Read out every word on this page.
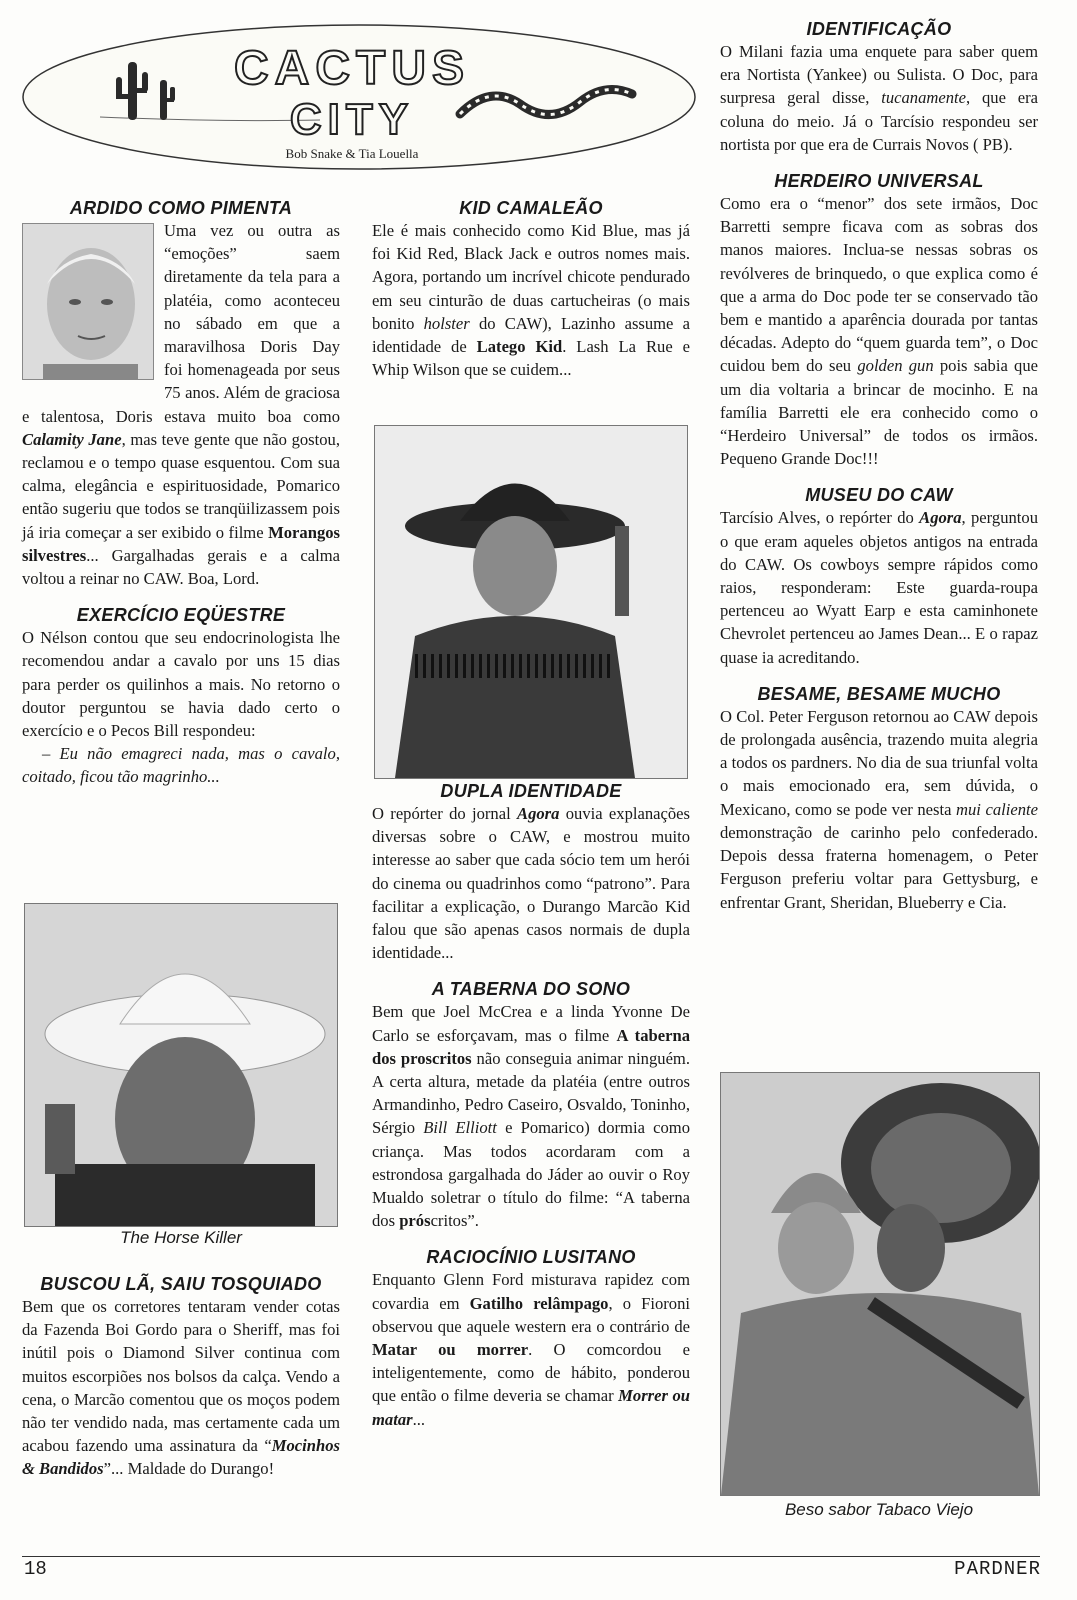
CACTUS
CITY
Bob Snake & Tia Louella
ARDIDO COMO PIMENTA

Uma vez ou outra as “emoções” saem diretamente da tela para a platéia, como aconteceu no sábado em que a maravilhosa Doris Day foi homenageada por seus 75 anos. Além de graciosa e talentosa, Doris estava muito boa como Calamity Jane, mas teve gente que não gostou, reclamou e o tempo quase esquentou. Com sua calma, elegância e espirituosidade, Pomarico então sugeriu que todos se tranqüilizassem pois já iria começar a ser exibido o filme Morangos silvestres... Gargalhadas gerais e a calma voltou a reinar no CAW. Boa, Lord.

EXERCÍCIO EQÜESTRE

O Nélson contou que seu endocrinologista lhe recomendou andar a cavalo por uns 15 dias para perder os quilinhos a mais. No retorno o doutor perguntou se havia dado certo o exercício e o Pecos Bill respondeu:

– Eu não emagreci nada, mas o cavalo, coitado, ficou tão magrinho...

The Horse Killer

BUSCOU LÃ, SAIU TOSQUIADO

Bem que os corretores tentaram vender cotas da Fazenda Boi Gordo para o Sheriff, mas foi inútil pois o Diamond Silver continua com muitos escorpiões nos bolsos da calça. Vendo a cena, o Marcão comentou que os moços podem não ter vendido nada, mas certamente cada um acabou fazendo uma assinatura da “Mocinhos & Bandidos”... Maldade do Durango!

KID CAMALEÃO

Ele é mais conhecido como Kid Blue, mas já foi Kid Red, Black Jack e outros nomes mais. Agora, portando um incrível chicote pendurado em seu cinturão de duas cartucheiras (o mais bonito holster do CAW), Lazinho assume a identidade de Latego Kid. Lash La Rue e Whip Wilson que se cuidem...

DUPLA IDENTIDADE

O repórter do jornal Agora ouvia explanações diversas sobre o CAW, e mostrou muito interesse ao saber que cada sócio tem um herói do cinema ou quadrinhos como “patrono”. Para facilitar a explicação, o Durango Marcão Kid falou que são apenas casos normais de dupla identidade...

A TABERNA DO SONO

Bem que Joel McCrea e a linda Yvonne De Carlo se esforçavam, mas o filme A taberna dos proscritos não conseguia animar ninguém. A certa altura, metade da platéia (entre outros Armandinho, Pedro Caseiro, Osvaldo, Toninho, Sérgio Bill Elliott e Pomarico) dormia como criança. Mas todos acordaram com a estrondosa gargalhada do Jáder ao ouvir o Roy Mualdo soletrar o título do filme: “A taberna dos próscritos”.

RACIOCÍNIO LUSITANO

Enquanto Glenn Ford misturava rapidez com covardia em Gatilho relâmpago, o Fioroni observou que aquele western era o contrário de Matar ou morrer. O comcordou e inteligentemente, como de hábito, ponderou que então o filme deveria se chamar Morrer ou matar...

IDENTIFICAÇÃO

O Milani fazia uma enquete para saber quem era Nortista (Yankee) ou Sulista. O Doc, para surpresa geral disse, tucanamente, que era coluna do meio. Já o Tarcísio respondeu ser nortista por que era de Currais Novos ( PB).

HERDEIRO UNIVERSAL

Como era o “menor” dos sete irmãos, Doc Barretti sempre ficava com as sobras dos manos maiores. Inclua-se nessas sobras os revólveres de brinquedo, o que explica como é que a arma do Doc pode ter se conservado tão bem e mantido a aparência dourada por tantas décadas. Adepto do “quem guarda tem”, o Doc cuidou bem do seu golden gun pois sabia que um dia voltaria a brincar de mocinho. E na família Barretti ele era conhecido como o “Herdeiro Universal” de todos os irmãos. Pequeno Grande Doc!!!

MUSEU DO CAW

Tarcísio Alves, o repórter do Agora, perguntou o que eram aqueles objetos antigos na entrada do CAW. Os cowboys sempre rápidos como raios, responderam: Este guarda-roupa pertenceu ao Wyatt Earp e esta caminhonete Chevrolet pertenceu ao James Dean... E o rapaz quase ia acreditando.

BESAME, BESAME MUCHO

O Col. Peter Ferguson retornou ao CAW depois de prolongada ausência, trazendo muita alegria a todos os pardners. No dia de sua triunfal volta o mais emocionado era, sem dúvida, o Mexicano, como se pode ver nesta mui caliente demonstração de carinho pelo confederado. Depois dessa fraterna homenagem, o Peter Ferguson preferiu voltar para Gettysburg, e enfrentar Grant, Sheridan, Blueberry e Cia.

Beso sabor Tabaco Viejo

18	PARDNER
